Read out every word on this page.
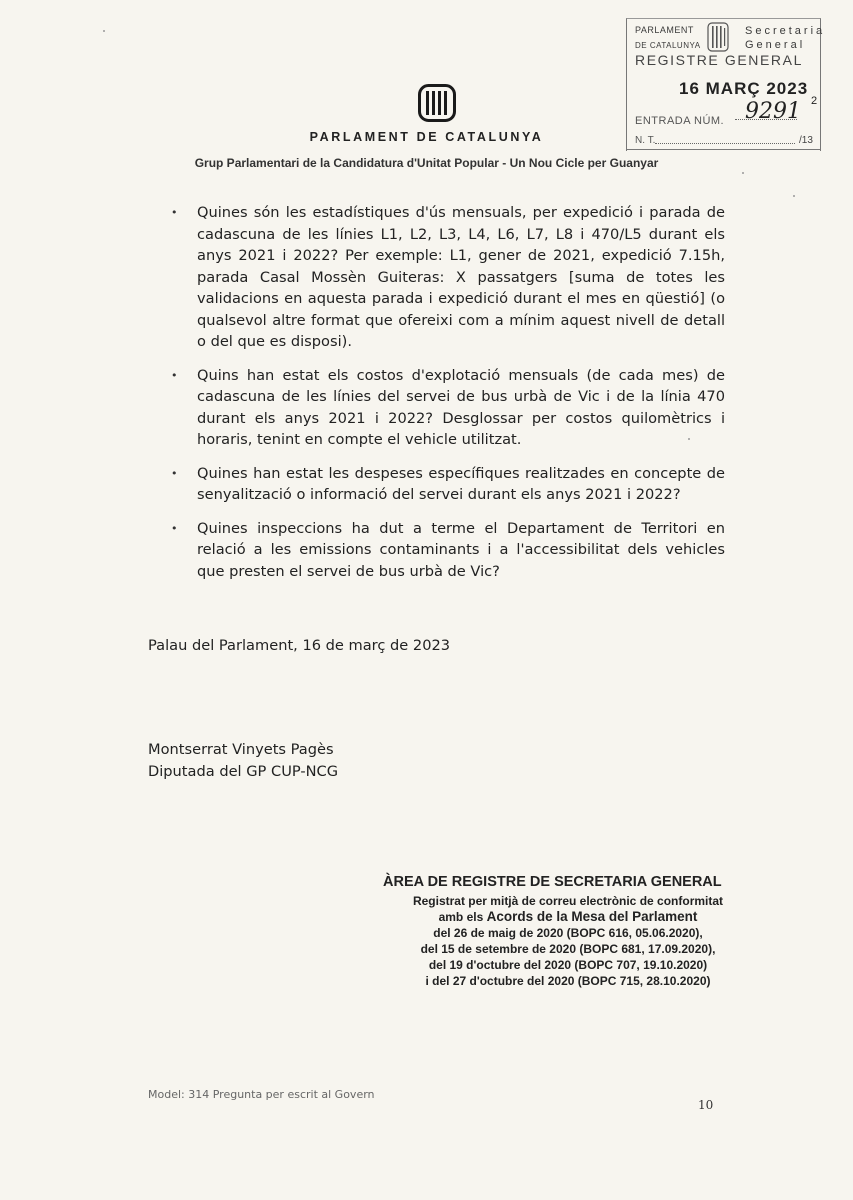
PARLAMENT	Secretaria
DE CATALUNYA	General
REGISTRE GENERAL
16 MARÇ 2023
ENTRADA NÚM. 9291 2
N. T.	/13
PARLAMENT DE CATALUNYA
Grup Parlamentari de la Candidatura d'Unitat Popular - Un Nou Cicle per Guanyar
• Quines són les estadístiques d'ús mensuals, per expedició i parada de cadascuna de les línies L1, L2, L3, L4, L6, L7, L8 i 470/L5 durant els anys 2021 i 2022? Per exemple: L1, gener de 2021, expedició 7.15h, parada Casal Mossèn Guiteras: X passatgers [suma de totes les validacions en aquesta parada i expedició durant el mes en qüestió] (o qualsevol altre format que ofereixi com a mínim aquest nivell de detall o del que es disposi).
• Quins han estat els costos d'explotació mensuals (de cada mes) de cadascuna de les línies del servei de bus urbà de Vic i de la línia 470 durant els anys 2021 i 2022? Desglossar per costos quilomètrics i horaris, tenint en compte el vehicle utilitzat.
• Quines han estat les despeses específiques realitzades en concepte de senyalització o informació del servei durant els anys 2021 i 2022?
• Quines inspeccions ha dut a terme el Departament de Territori en relació a les emissions contaminants i a l'accessibilitat dels vehicles que presten el servei de bus urbà de Vic?
Palau del Parlament, 16 de març de 2023
Montserrat Vinyets Pagès
Diputada del GP CUP-NCG
ÀREA DE REGISTRE DE SECRETARIA GENERAL
Registrat per mitjà de correu electrònic de conformitat
amb els Acords de la Mesa del Parlament
del 26 de maig de 2020 (BOPC 616, 05.06.2020),
del 15 de setembre de 2020 (BOPC 681, 17.09.2020),
del 19 d'octubre del 2020 (BOPC 707, 19.10.2020)
i del 27 d'octubre del 2020 (BOPC 715, 28.10.2020)
Model: 314 Pregunta per escrit al Govern
10
